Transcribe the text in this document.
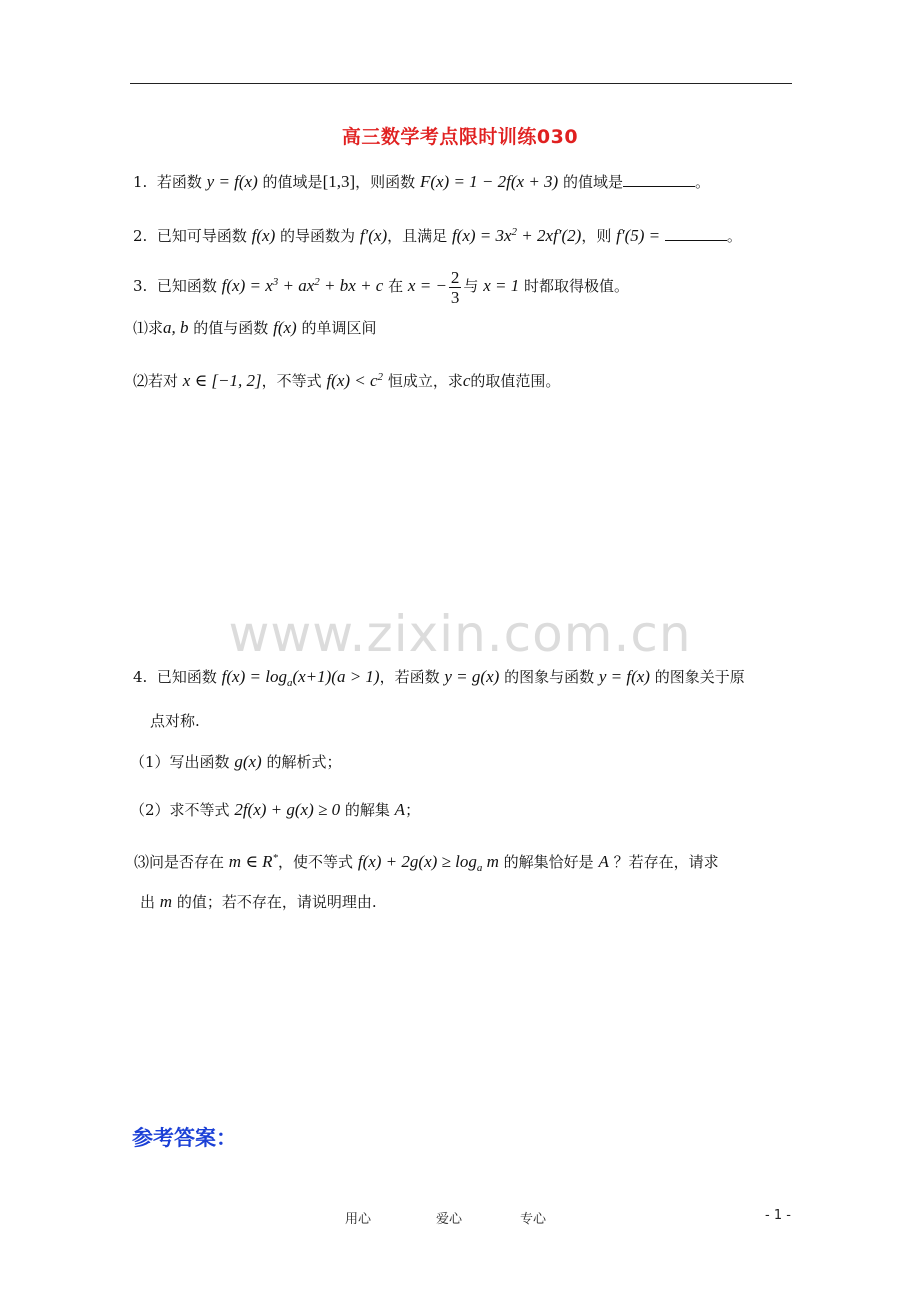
高三数学考点限时训练030
1. 若函数 y = f(x) 的值域是[1,3]，则函数 F(x) = 1 − 2f(x + 3) 的值域是	。
2. 已知可导函数 f(x) 的导函数为 f′(x)，且满足 $f(x) = 3x^2 + 2xf'(2)$，则 f′(5) =	。
3. 已知函数 $f(x) = x^3 + ax^2$ + bx + c 在 x = − $\frac{2}{3}$ 与 x = 1 时都取得极值。
⑴求a, b 的值与函数 f(x) 的单调区间
⑵若对 x ∈ [−1, 2]，不等式 $f(x) < c^2$ 恒成立，求c的取值范围。
www.zixin.com.cn
4. 已知函数 $f(x) = \log_a(x+1)(a > 1)$，若函数 y = g(x) 的图象与函数 y = f(x) 的图象关于原
点对称.
（1）写出函数 g(x) 的解析式；
（2）求不等式 2f(x) + g(x) ≥ 0 的解集 A；
⑶问是否存在 m ∈ R*，使不等式 $f(x) + 2g(x) \ge \log_a m$ 的解集恰好是 A ？若存在，请求
出 m 的值；若不存在，请说明理由.
参考答案：
用心	爱心	专心	- 1 -
